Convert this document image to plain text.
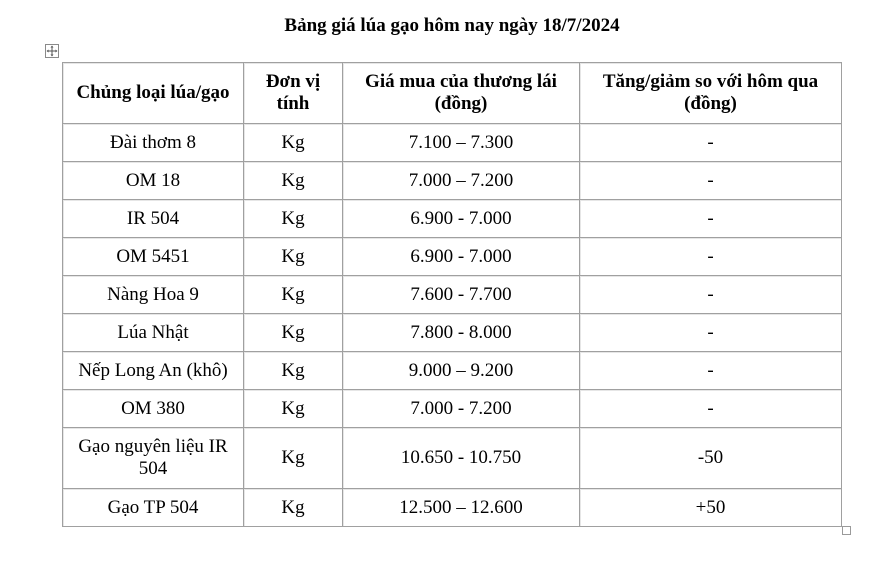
Bảng giá lúa gạo hôm nay ngày 18/7/2024
Chủng loại lúa/gạo	Đơn vị tính	Giá mua của thương lái (đồng)	Tăng/giảm so với hôm qua (đồng)
Đài thơm 8	Kg	7.100 – 7.300	-
OM 18	Kg	7.000 – 7.200	-
IR 504	Kg	6.900 - 7.000	-
OM 5451	Kg	6.900 - 7.000	-
Nàng Hoa 9	Kg	7.600 - 7.700	-
Lúa Nhật	Kg	7.800 - 8.000	-
Nếp Long An (khô)	Kg	9.000 – 9.200	-
OM 380	Kg	7.000 - 7.200	-
Gạo nguyên liệu IR 504	Kg	10.650 - 10.750	-50
Gạo TP 504	Kg	12.500 – 12.600	+50
